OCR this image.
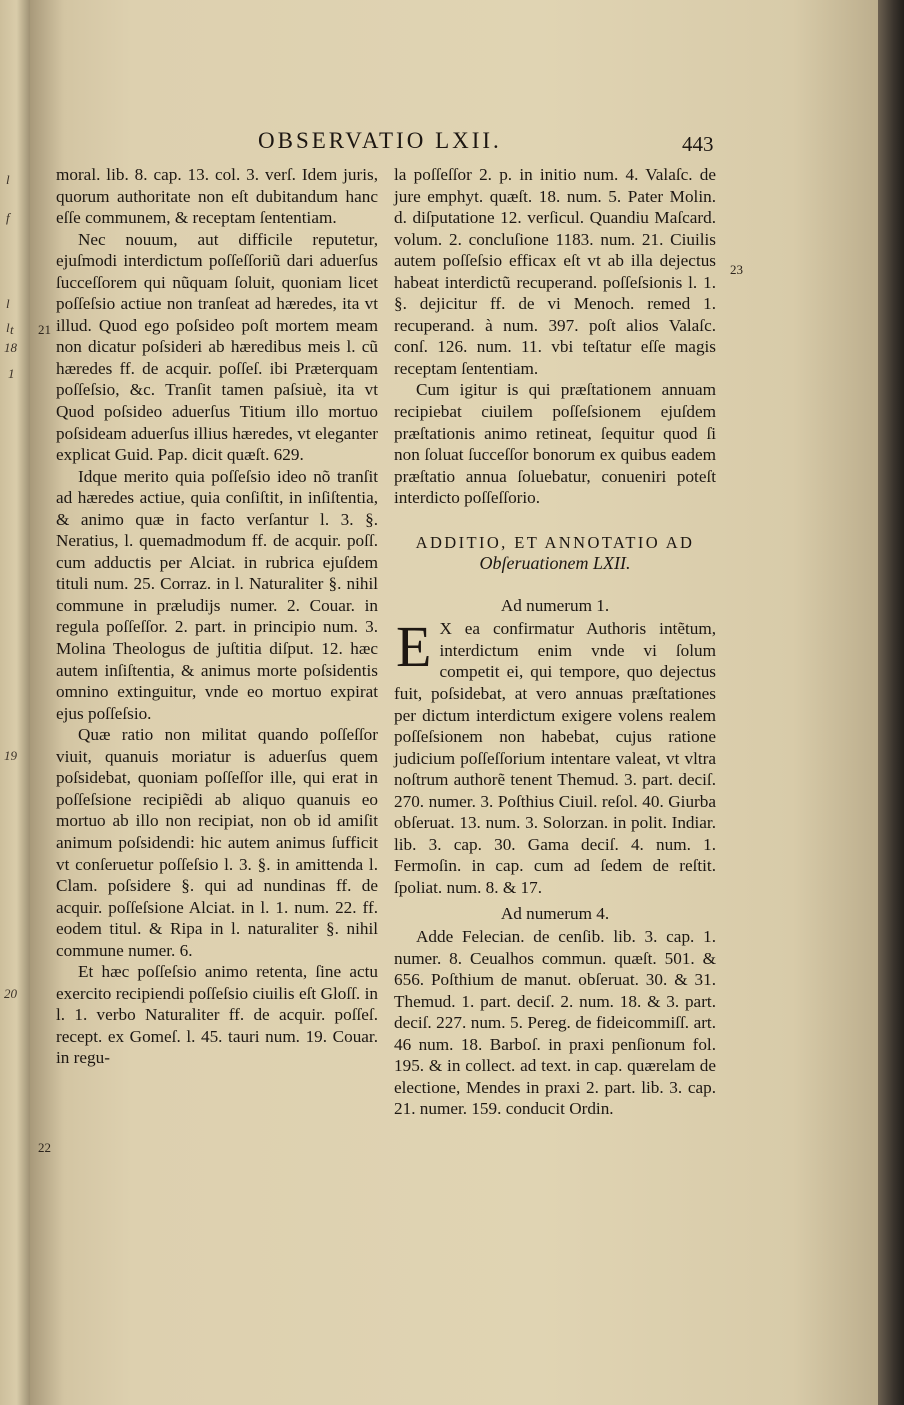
l
f
l
l t
18
1
19
20
OBSERVATIO LXII.	443
21
22
23

moral. lib. 8. cap. 13. col. 3. verſ. Idem juris, quorum authoritate non eſt dubitandum hanc eſſe communem, & receptam ſententiam.

Nec nouum, aut difficile reputetur, ejuſmodi interdictum poſſeſſoriũ dari aduerſus ſucceſſorem qui nũquam ſoluit, quoniam licet poſſeſsio actiue non tranſeat ad hæredes, ita vt illud. Quod ego poſsideo poſt mortem meam non dicatur poſsideri ab hæredibus meis l. cũ hæredes ff. de acquir. poſſeſ. ibi Prӕterquam poſſeſsio, &c. Tranſit tamen paſsiuè, ita vt Quod poſsideo aduerſus Titium illo mortuo poſsideam aduerſus illius hæredes, vt eleganter explicat Guid. Pap. dicit quæſt. 629.

Idque merito quia poſſeſsio ideo nõ tranſit ad hæredes actiue, quia conſiſtit, in inſiſtentia, & animo quæ in facto verſantur l. 3. §. Neratius, l. quemadmodum ff. de acquir. poſſ. cum adductis per Alciat. in rubrica ejuſdem tituli num. 25. Corraz. in l. Naturaliter §. nihil commune in prӕludijs numer. 2. Couar. in regula poſſeſſor. 2. part. in principio num. 3. Molina Theologus de juſtitia diſput. 12. hæc autem inſiſtentia, & animus morte poſsidentis omnino extinguitur, vnde eo mortuo expirat ejus poſſeſsio.

Quæ ratio non militat quando poſſeſſor viuit, quanuis moriatur is aduerſus quem poſsidebat, quoniam poſſeſſor ille, qui erat in poſſeſsione recipiẽdi ab aliquo quanuis eo mortuo ab illo non recipiat, non ob id amiſit animum poſsidendi: hic autem animus ſufficit vt conſeruetur poſſeſsio l. 3. §. in amittenda l. Clam. poſsidere §. qui ad nundinas ff. de acquir. poſſeſsione Alciat. in l. 1. num. 22. ff. eodem titul. & Ripa in l. naturaliter §. nihil commune numer. 6.

Et hæc poſſeſsio animo retenta, ſine actu exercito recipiendi poſſeſsio ciuilis eſt Gloſſ. in l. 1. verbo Naturaliter ff. de acquir. poſſeſ. recept. ex Gomeſ. l. 45. tauri num. 19. Couar. in regu-

la poſſeſſor 2. p. in initio num. 4. Valaſc. de jure emphyt. quæſt. 18. num. 5. Pater Molin. d. diſputatione 12. verſicul. Quandiu Maſcard. volum. 2. concluſione 1183. num. 21. Ciuilis autem poſſeſsio efficax eſt vt ab illa dejectus habeat interdictũ recuperand. poſſeſsionis l. 1. §. dejicitur ff. de vi Menoch. remed 1. recuperand. à num. 397. poſt alios Valaſc. conſ. 126. num. 11. vbi teſtatur eſſe magis receptam ſententiam.

Cum igitur is qui præſtationem annuam recipiebat ciuilem poſſeſsionem ejuſdem præſtationis animo retineat, ſequitur quod ſi non ſoluat ſucceſſor bonorum ex quibus eadem præſtatio annua ſoluebatur, conueniri poteſt interdicto poſſeſſorio.

ADDITIO, ET ANNOTATIO AD
Obſeruationem LXII.
Ad numerum 1.

E X ea confirmatur Authoris intẽtum, interdictum enim vnde vi ſolum competit ei, qui tempore, quo dejectus fuit, poſsidebat, at vero annuas præſtationes per dictum interdictum exigere volens realem poſſeſsionem non habebat, cujus ratione judicium poſſeſſorium intentare valeat, vt vltra noſtrum authorẽ tenent Themud. 3. part. deciſ. 270. numer. 3. Poſthius Ciuil. reſol. 40. Giurba obſeruat. 13. num. 3. Solorzan. in polit. Indiar. lib. 3. cap. 30. Gama deciſ. 4. num. 1. Fermoſin. in cap. cum ad ſedem de reſtit. ſpoliat. num. 8. & 17.

Ad numerum 4.

Adde Felecian. de cenſib. lib. 3. cap. 1. numer. 8. Ceualhos commun. quæſt. 501. & 656. Poſthium de manut. obſeruat. 30. & 31. Themud. 1. part. deciſ. 2. num. 18. & 3. part. deciſ. 227. num. 5. Pereg. de fideicommiſſ. art. 46 num. 18. Barboſ. in praxi penſionum fol. 195. & in collect. ad text. in cap. quærelam de electione, Mendes in praxi 2. part. lib. 3. cap. 21. numer. 159. conducit Ordin.
